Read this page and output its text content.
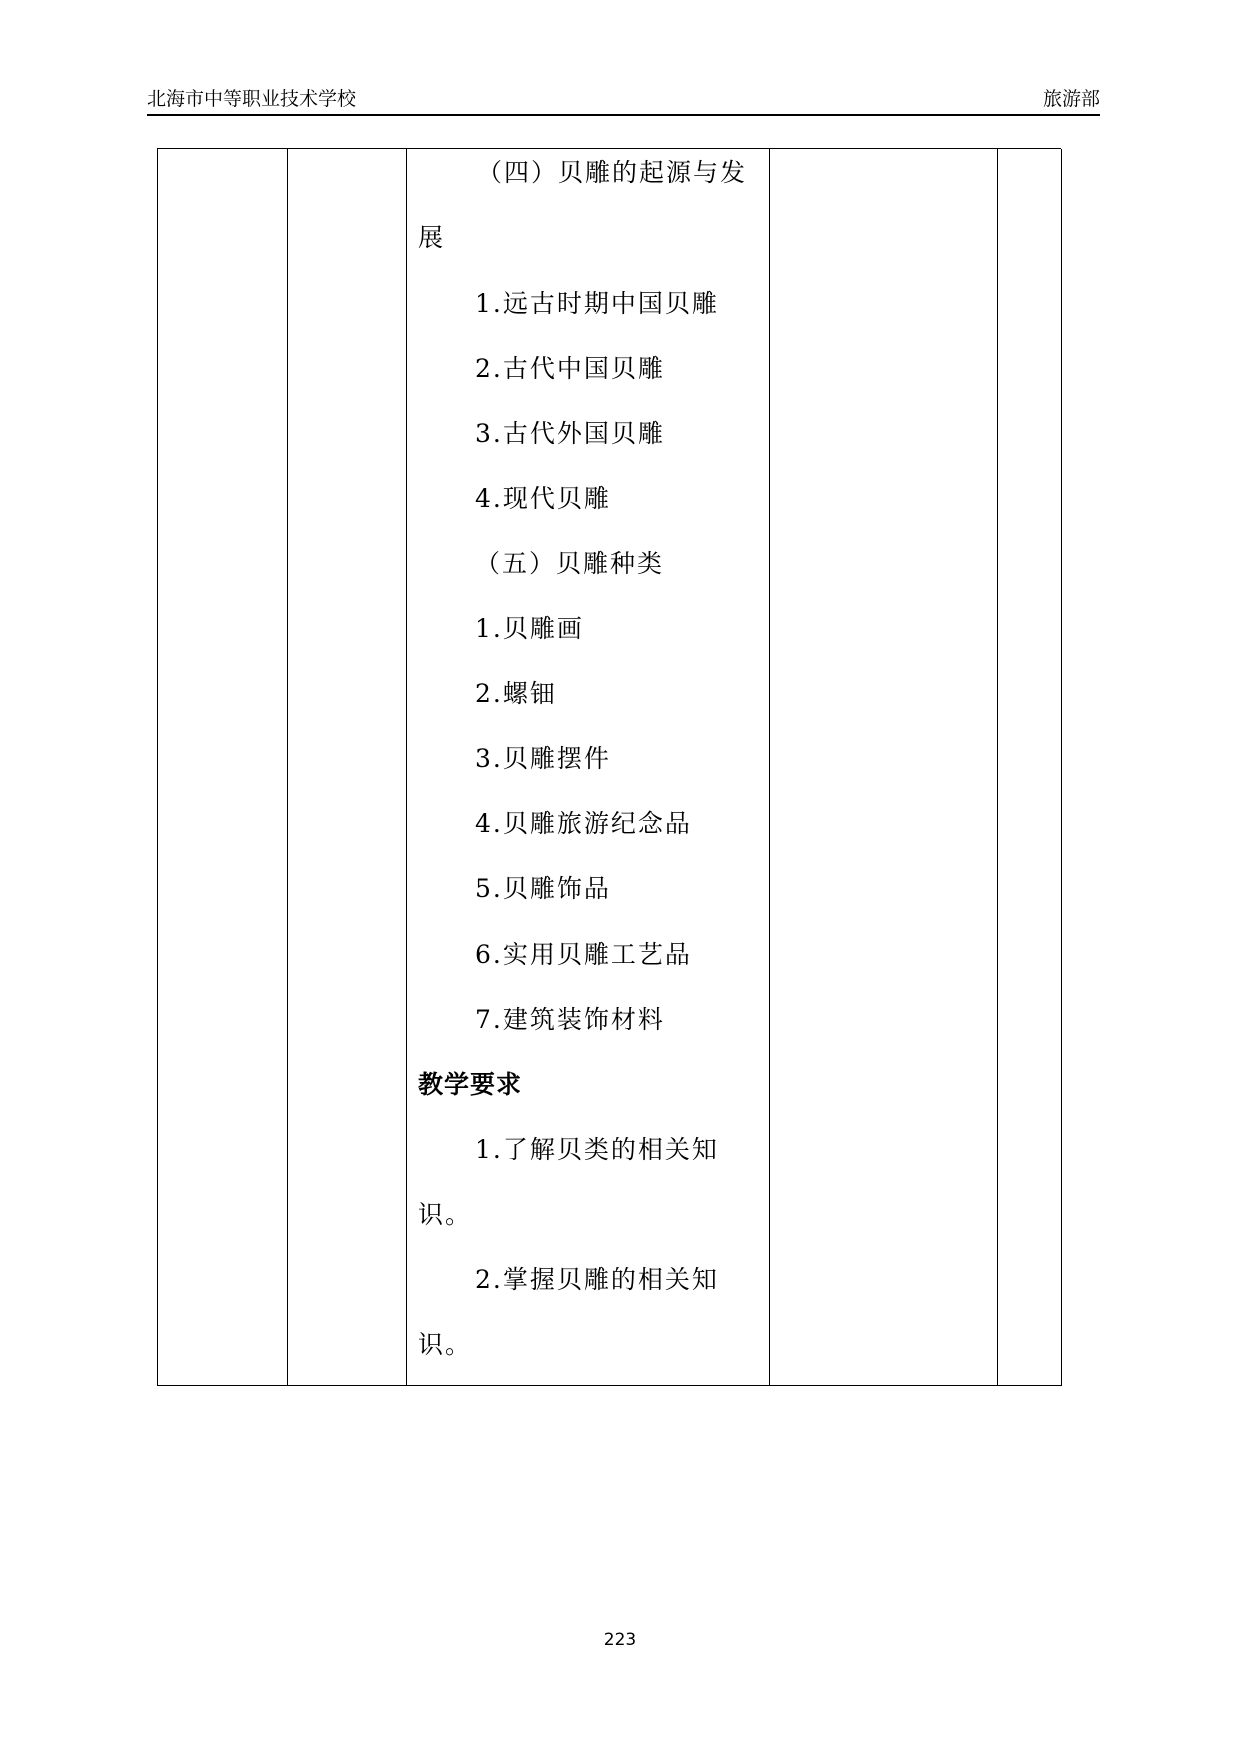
北海市中等职业技术学校	旅游部
（四）贝雕的起源与发
展
1.远古时期中国贝雕
2.古代中国贝雕
3.古代外国贝雕
4.现代贝雕
（五）贝雕种类
1.贝雕画
2.螺钿
3.贝雕摆件
4.贝雕旅游纪念品
5.贝雕饰品
6.实用贝雕工艺品
7.建筑装饰材料
教学要求
1.了解贝类的相关知
识。
2.掌握贝雕的相关知
识。
223
